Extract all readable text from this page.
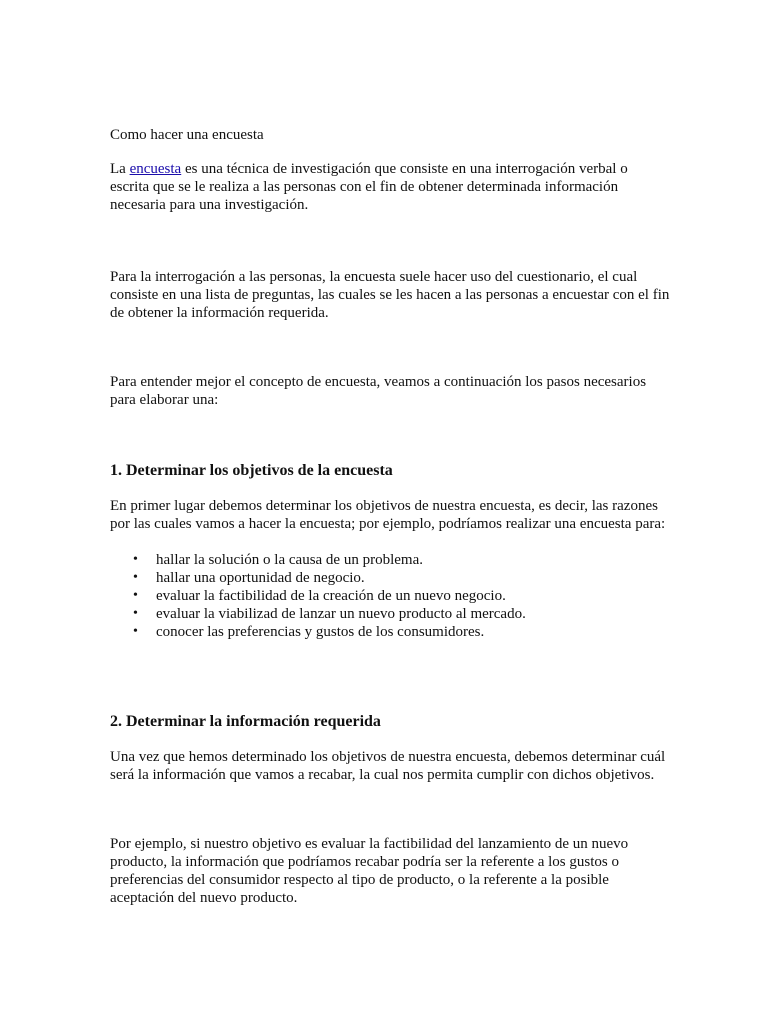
Como hacer una encuesta

La encuesta es una técnica de investigación que consiste en una interrogación verbal o escrita que se le realiza a las personas con el fin de obtener determinada información necesaria para una investigación.

Para la interrogación a las personas, la encuesta suele hacer uso del cuestionario, el cual consiste en una lista de preguntas, las cuales se les hacen a las personas a encuestar con el fin de obtener la información requerida.

Para entender mejor el concepto de encuesta, veamos a continuación los pasos necesarios para elaborar una:

1. Determinar los objetivos de la encuesta

En primer lugar debemos determinar los objetivos de nuestra encuesta, es decir, las razones por las cuales vamos a hacer la encuesta; por ejemplo, podríamos realizar una encuesta para:

• hallar la solución o la causa de un problema.
• hallar una oportunidad de negocio.
• evaluar la factibilidad de la creación de un nuevo negocio.
• evaluar la viabilizad de lanzar un nuevo producto al mercado.
• conocer las preferencias y gustos de los consumidores.
2. Determinar la información requerida

Una vez que hemos determinado los objetivos de nuestra encuesta, debemos determinar cuál será la información que vamos a recabar, la cual nos permita cumplir con dichos objetivos.

Por ejemplo, si nuestro objetivo es evaluar la factibilidad del lanzamiento de un nuevo producto, la información que podríamos recabar podría ser la referente a los gustos o preferencias del consumidor respecto al tipo de producto, o la referente a la posible aceptación del nuevo producto.
